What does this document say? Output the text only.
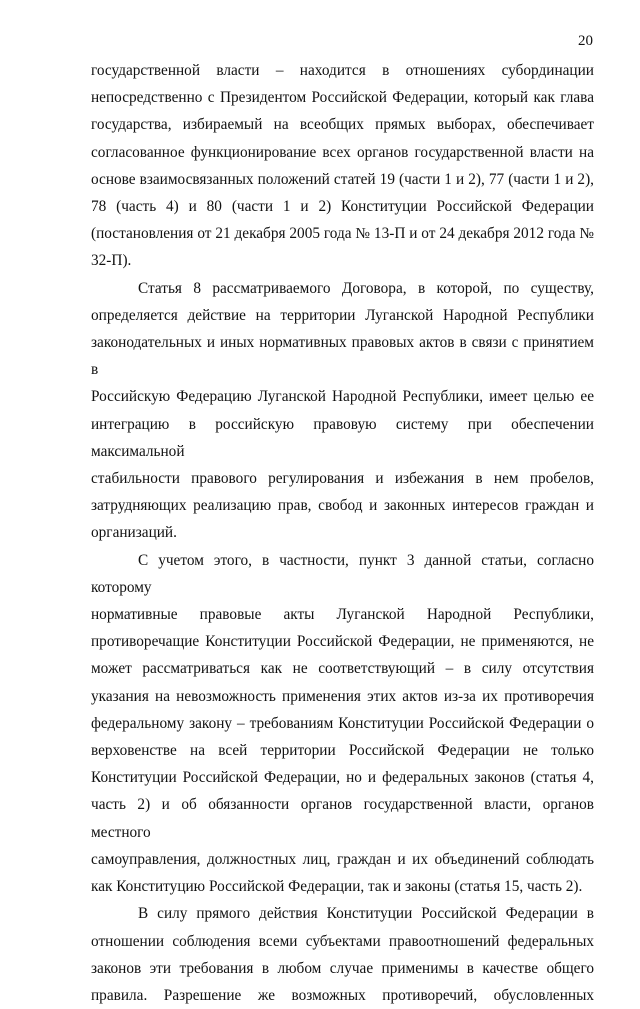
20

государственной власти – находится в отношениях субординации

непосредственно с Президентом Российской Федерации, который как глава

государства, избираемый на всеобщих прямых выборах, обеспечивает

согласованное функционирование всех органов государственной власти на

основе взаимосвязанных положений статей 19 (части 1 и 2), 77 (части 1 и 2),

78 (часть 4) и 80 (части 1 и 2) Конституции Российской Федерации

(постановления от 21 декабря 2005 года № 13-П и от 24 декабря 2012 года №

32-П).

Статья 8 рассматриваемого Договора, в которой, по существу,

определяется действие на территории Луганской Народной Республики

законодательных и иных нормативных правовых актов в связи с принятием в

Российскую Федерацию Луганской Народной Республики, имеет целью ее

интеграцию в российскую правовую систему при обеспечении максимальной

стабильности правового регулирования и избежания в нем пробелов,

затрудняющих реализацию прав, свобод и законных интересов граждан и

организаций.

С учетом этого, в частности, пункт 3 данной статьи, согласно которому

нормативные правовые акты Луганской Народной Республики,

противоречащие Конституции Российской Федерации, не применяются, не

может рассматриваться как не соответствующий – в силу отсутствия

указания на невозможность применения этих актов из-за их противоречия

федеральному закону – требованиям Конституции Российской Федерации о

верховенстве на всей территории Российской Федерации не только

Конституции Российской Федерации, но и федеральных законов (статья 4,

часть 2) и об обязанности органов государственной власти, органов местного

самоуправления, должностных лиц, граждан и их объединений соблюдать

как Конституцию Российской Федерации, так и законы (статья 15, часть 2).

В силу прямого действия Конституции Российской Федерации в

отношении соблюдения всеми субъектами правоотношений федеральных

законов эти требования в любом случае применимы в качестве общего

правила. Разрешение же возможных противоречий, обусловленных
